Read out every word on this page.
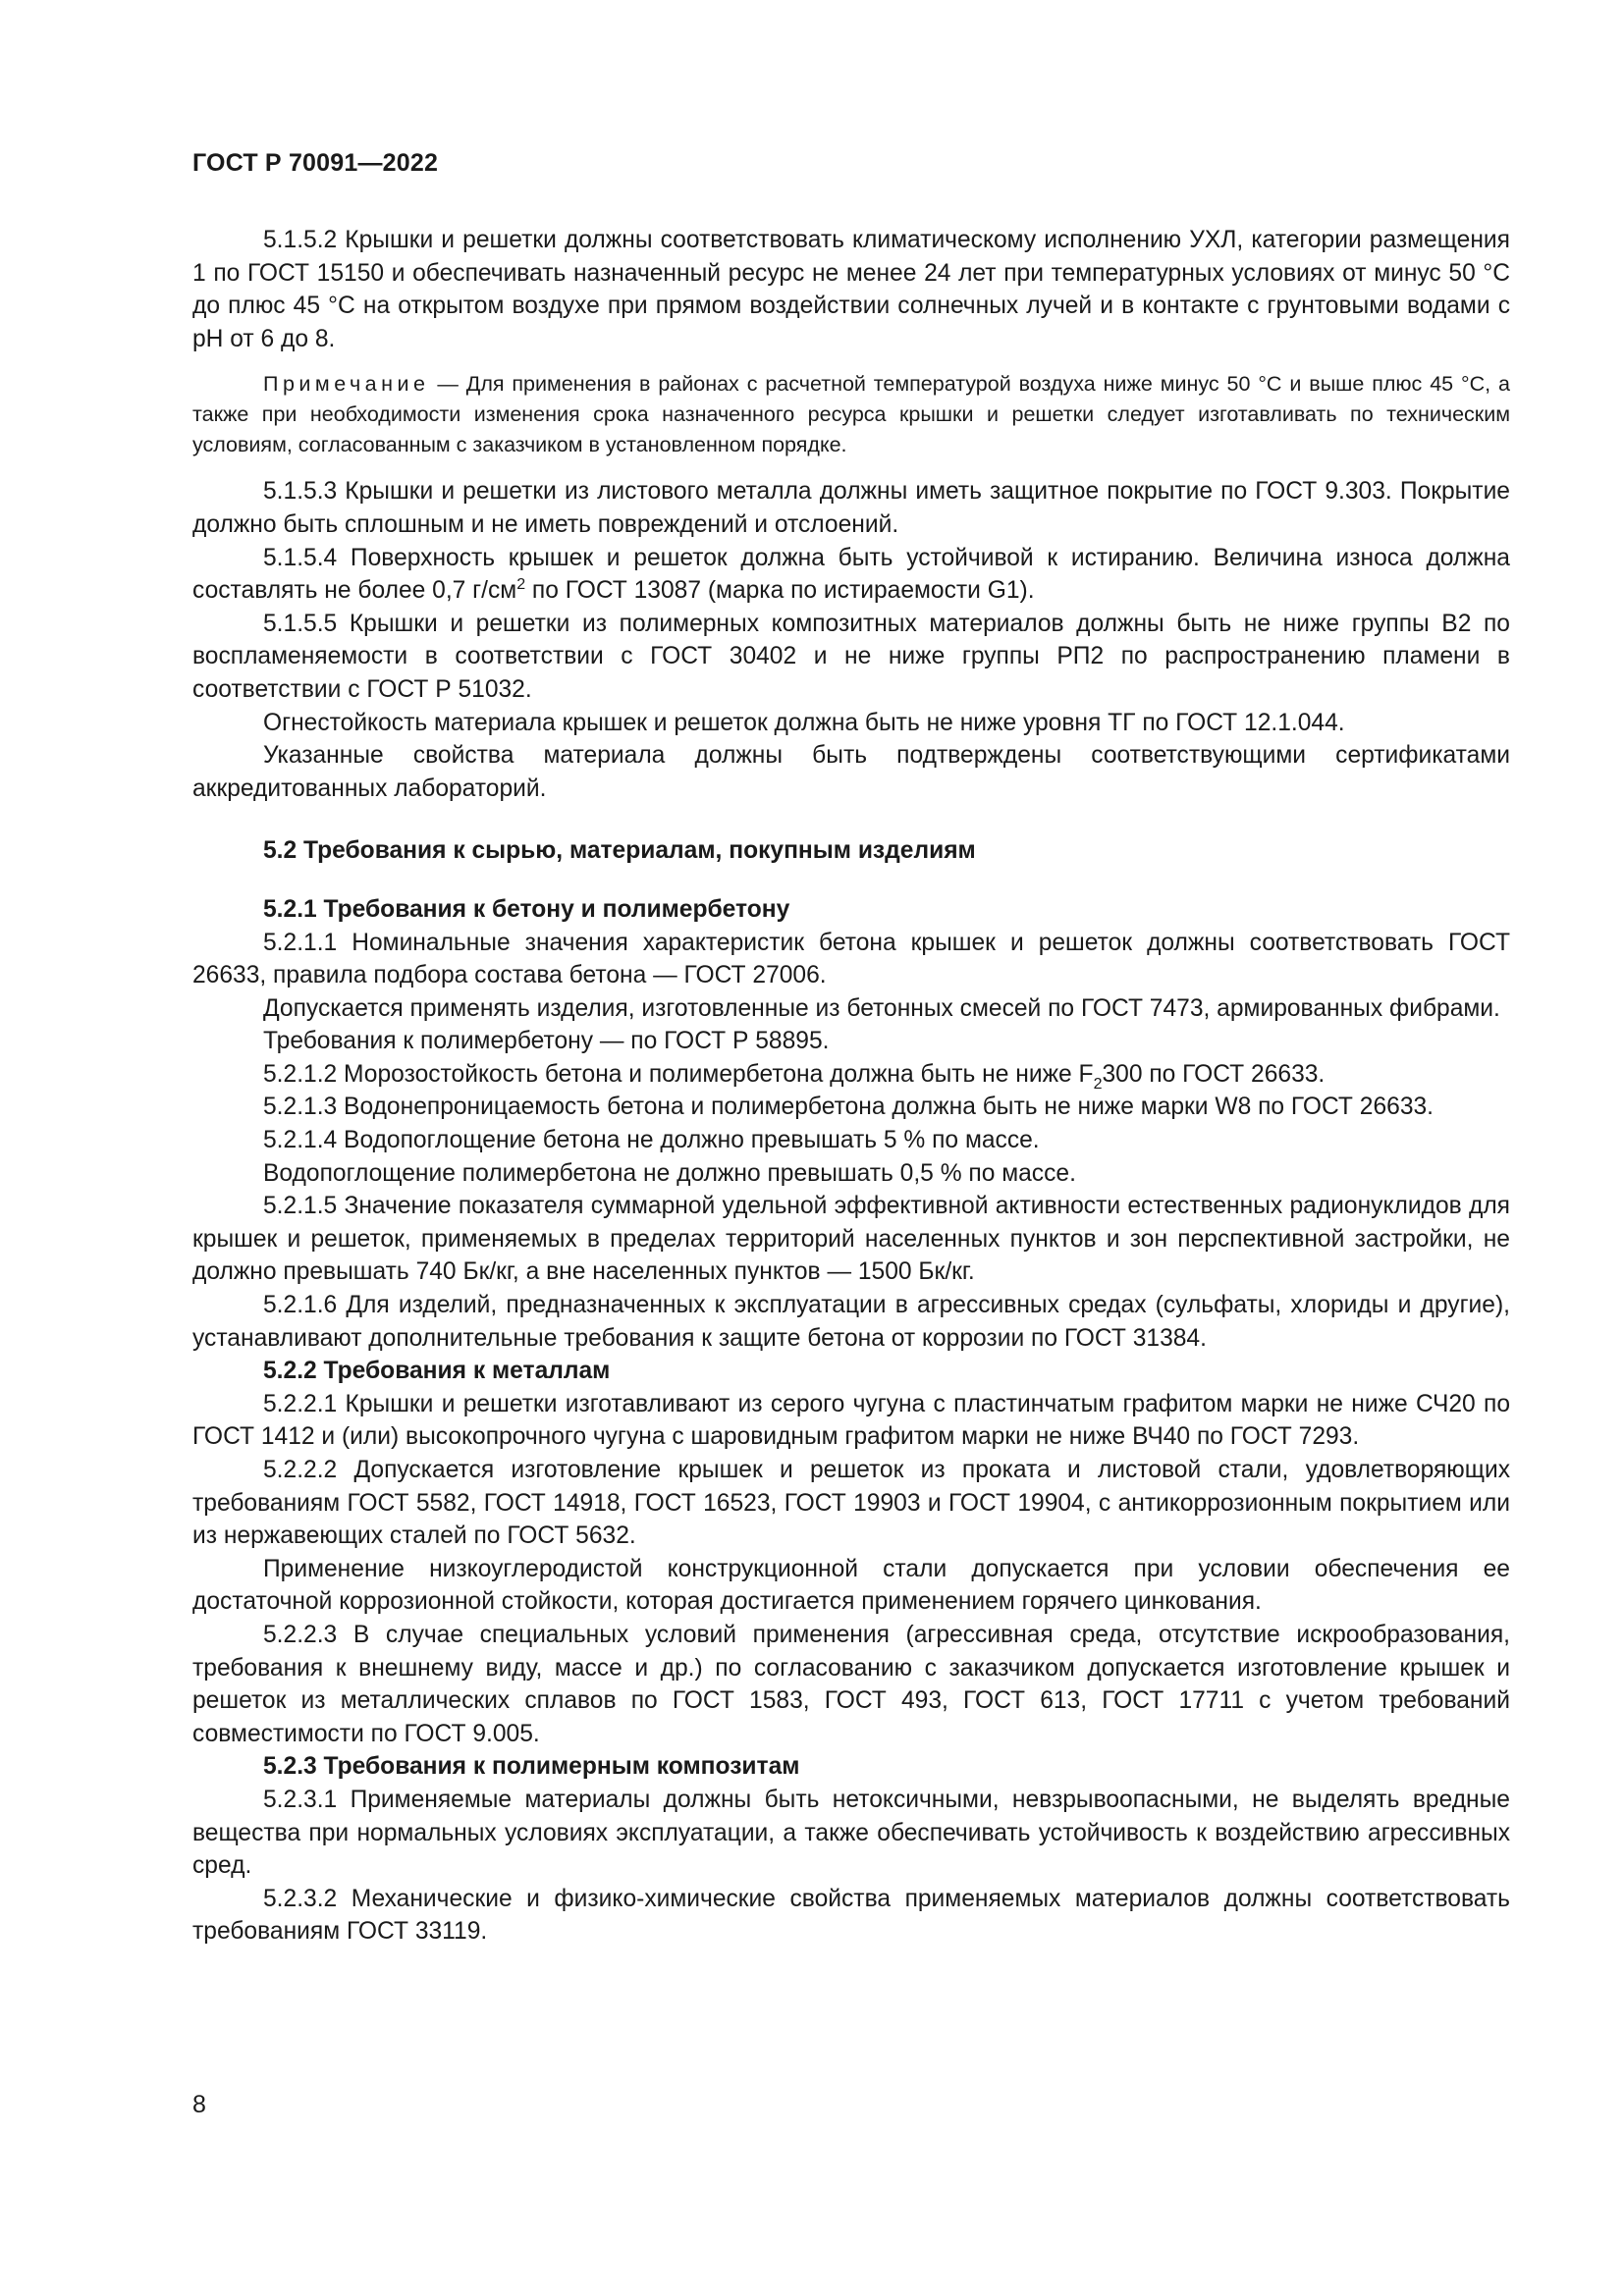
ГОСТ Р 70091—2022

5.1.5.2 Крышки и решетки должны соответствовать климатическому исполнению УХЛ, категории размещения 1 по ГОСТ 15150 и обеспечивать назначенный ресурс не менее 24 лет при температурных условиях от минус 50 °С до плюс 45 °С на открытом воздухе при прямом воздействии солнечных лучей и в контакте с грунтовыми водами с рН от 6 до 8.

Примечание — Для применения в районах с расчетной температурой воздуха ниже минус 50 °С и выше плюс 45 °С, а также при необходимости изменения срока назначенного ресурса крышки и решетки следует изготавливать по техническим условиям, согласованным с заказчиком в установленном порядке.

5.1.5.3 Крышки и решетки из листового металла должны иметь защитное покрытие по ГОСТ 9.303. Покрытие должно быть сплошным и не иметь повреждений и отслоений.

5.1.5.4 Поверхность крышек и решеток должна быть устойчивой к истиранию. Величина износа должна составлять не более 0,7 $г/см^2$ по ГОСТ 13087 (марка по истираемости G1).

5.1.5.5 Крышки и решетки из полимерных композитных материалов должны быть не ниже группы В2 по воспламеняемости в соответствии с ГОСТ 30402 и не ниже группы РП2 по распространению пламени в соответствии с ГОСТ Р 51032.

Огнестойкость материала крышек и решеток должна быть не ниже уровня ТГ по ГОСТ 12.1.044.

Указанные свойства материала должны быть подтверждены соответствующими сертификатами аккредитованных лабораторий.

5.2 Требования к сырью, материалам, покупным изделиям

5.2.1 Требования к бетону и полимербетону

5.2.1.1 Номинальные значения характеристик бетона крышек и решеток должны соответствовать ГОСТ 26633, правила подбора состава бетона — ГОСТ 27006.

Допускается применять изделия, изготовленные из бетонных смесей по ГОСТ 7473, армированных фибрами.

Требования к полимербетону — по ГОСТ Р 58895.

5.2.1.2 Морозостойкость бетона и полимербетона должна быть не ниже $F_2300$ по ГОСТ 26633.

5.2.1.3 Водонепроницаемость бетона и полимербетона должна быть не ниже марки W8 по ГОСТ 26633.

5.2.1.4 Водопоглощение бетона не должно превышать 5 % по массе.

Водопоглощение полимербетона не должно превышать 0,5 % по массе.

5.2.1.5 Значение показателя суммарной удельной эффективной активности естественных радионуклидов для крышек и решеток, применяемых в пределах территорий населенных пунктов и зон перспективной застройки, не должно превышать 740 Бк/кг, а вне населенных пунктов — 1500 Бк/кг.

5.2.1.6 Для изделий, предназначенных к эксплуатации в агрессивных средах (сульфаты, хлориды и другие), устанавливают дополнительные требования к защите бетона от коррозии по ГОСТ 31384.

5.2.2 Требования к металлам

5.2.2.1 Крышки и решетки изготавливают из серого чугуна с пластинчатым графитом марки не ниже СЧ20 по ГОСТ 1412 и (или) высокопрочного чугуна с шаровидным графитом марки не ниже ВЧ40 по ГОСТ 7293.

5.2.2.2 Допускается изготовление крышек и решеток из проката и листовой стали, удовлетворяющих требованиям ГОСТ 5582, ГОСТ 14918, ГОСТ 16523, ГОСТ 19903 и ГОСТ 19904, с антикоррозионным покрытием или из нержавеющих сталей по ГОСТ 5632.

Применение низкоуглеродистой конструкционной стали допускается при условии обеспечения ее достаточной коррозионной стойкости, которая достигается применением горячего цинкования.

5.2.2.3 В случае специальных условий применения (агрессивная среда, отсутствие искрообразования, требования к внешнему виду, массе и др.) по согласованию с заказчиком допускается изготовление крышек и решеток из металлических сплавов по ГОСТ 1583, ГОСТ 493, ГОСТ 613, ГОСТ 17711 с учетом требований совместимости по ГОСТ 9.005.

5.2.3 Требования к полимерным композитам

5.2.3.1 Применяемые материалы должны быть нетоксичными, невзрывоопасными, не выделять вредные вещества при нормальных условиях эксплуатации, а также обеспечивать устойчивость к воздействию агрессивных сред.

5.2.3.2 Механические и физико-химические свойства применяемых материалов должны соответствовать требованиям ГОСТ 33119.

8
